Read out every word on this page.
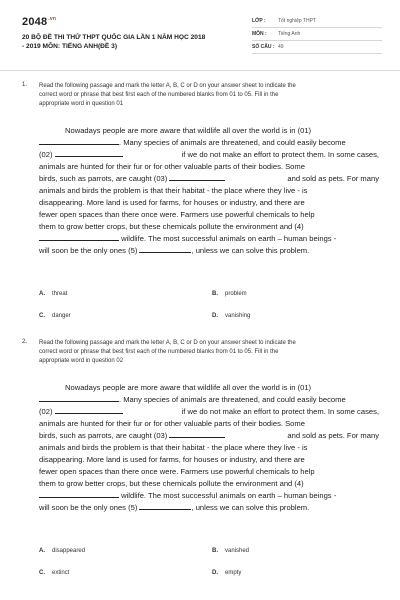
$2048^{.vn}$
20 BỘ ĐỀ THI THỬ THPT QUỐC GIA LẦN 1 NĂM HỌC 2018
- 2019 MÔN: TIẾNG ANH(ĐỀ 3)
LỚP : Tốt nghiệp THPT
MÔN : Tiếng Anh
SỐ CÂU : 49
1. Read the following passage and mark the letter A, B, C or D on your answer sheet to indicate the
correct word or phrase that best first each of the numbered blanks from 01 to 05. Fill in the
appropriate word in question 01
Nowadays people are more aware that wildlife all over the world is in (01)
. Many species of animals are threatened, and could easily become
(02)	if we do not make an effort to protect them. In some cases,
animals are hunted for their fur or for other valuable parts of their bodies. Some
birds, such as parrots, are caught (03)	and sold as pets. For many
animals and birds the problem is that their habitat - the place where they live - is
disappearing. More land is used for farms, for houses or industry, and there are
fewer open spaces than there once were. Farmers use powerful chemicals to help
them to grow better crops, but these chemicals pollute the environment and (4)
wildlife. The most successful animals on earth – human beings -
will soon be the only ones (5)	, unless we can solve this problem.
A. threat	B. problem
C. danger	D. vanishing
2. Read the following passage and mark the letter A, B, C or D on your answer sheet to indicate the
correct word or phrase that best first each of the numbered blanks from 01 to 05. Fill in the
appropriate word in question 02
Nowadays people are more aware that wildlife all over the world is in (01)
. Many species of animals are threatened, and could easily become
(02)	if we do not make an effort to protect them. In some cases,
animals are hunted for their fur or for other valuable parts of their bodies. Some
birds, such as parrots, are caught (03)	and sold as pets. For many
animals and birds the problem is that their habitat - the place where they live - is
disappearing. More land is used for farms, for houses or industry, and there are
fewer open spaces than there once were. Farmers use powerful chemicals to help
them to grow better crops, but these chemicals pollute the environment and (4)
wildlife. The most successful animals on earth – human beings -
will soon be the only ones (5)	, unless we can solve this problem.
A. disappeared	B. vanished
C. extinct	D. empty
